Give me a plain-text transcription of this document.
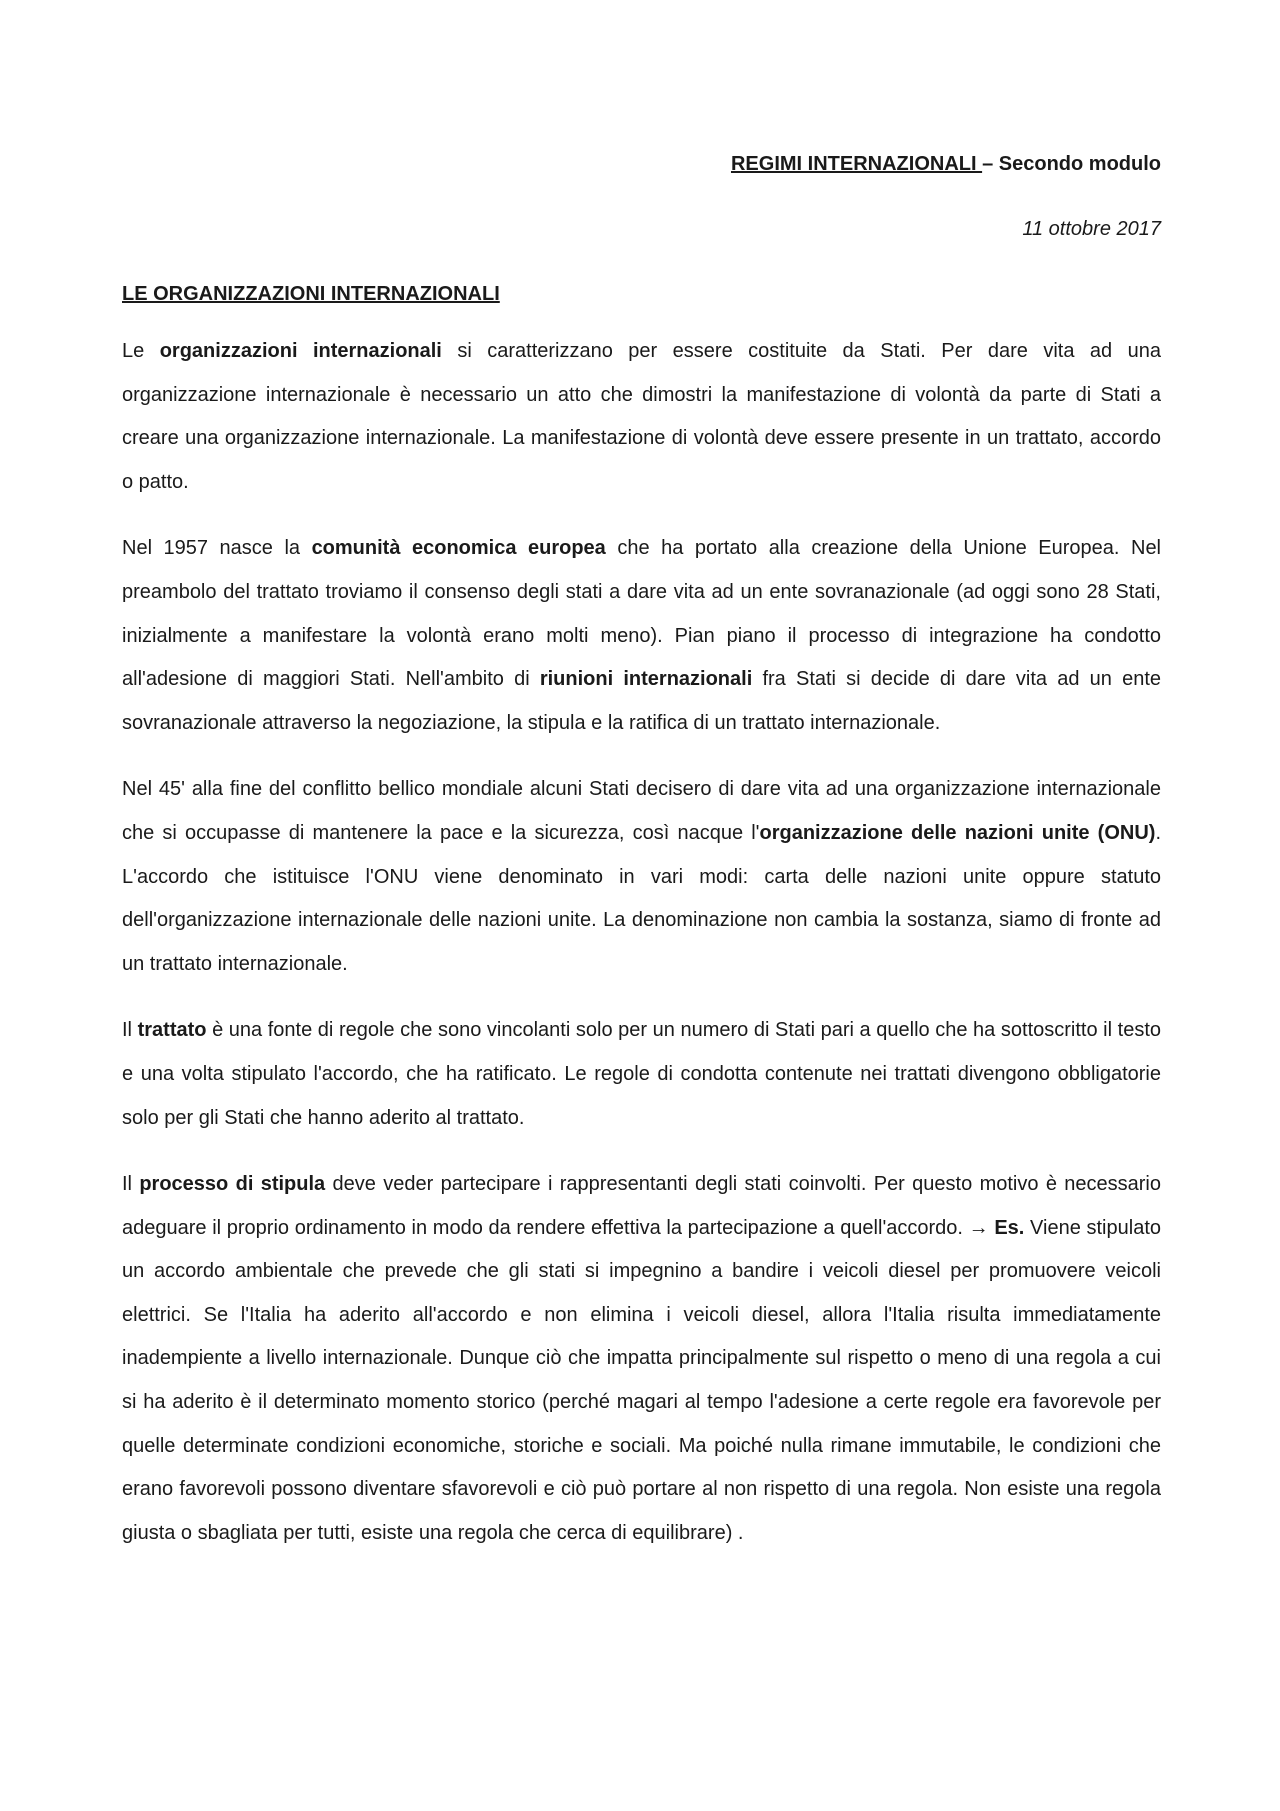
REGIMI INTERNAZIONALI – Secondo modulo

11 ottobre 2017

LE ORGANIZZAZIONI INTERNAZIONALI

Le organizzazioni internazionali si caratterizzano per essere costituite da Stati. Per dare vita ad una organizzazione internazionale è necessario un atto che dimostri la manifestazione di volontà da parte di Stati a creare una organizzazione internazionale. La manifestazione di volontà deve essere presente in un trattato, accordo o patto.

Nel 1957 nasce la comunità economica europea che ha portato alla creazione della Unione Europea. Nel preambolo del trattato troviamo il consenso degli stati a dare vita ad un ente sovranazionale (ad oggi sono 28 Stati, inizialmente a manifestare la volontà erano molti meno). Pian piano il processo di integrazione ha condotto all'adesione di maggiori Stati. Nell'ambito di riunioni internazionali fra Stati si decide di dare vita ad un ente sovranazionale attraverso la negoziazione, la stipula e la ratifica di un trattato internazionale.

Nel 45' alla fine del conflitto bellico mondiale alcuni Stati decisero di dare vita ad una organizzazione internazionale che si occupasse di mantenere la pace e la sicurezza, così nacque l'organizzazione delle nazioni unite (ONU). L'accordo che istituisce l'ONU viene denominato in vari modi: carta delle nazioni unite oppure statuto dell'organizzazione internazionale delle nazioni unite. La denominazione non cambia la sostanza, siamo di fronte ad un trattato internazionale.

Il trattato è una fonte di regole che sono vincolanti solo per un numero di Stati pari a quello che ha sottoscritto il testo e una volta stipulato l'accordo, che ha ratificato. Le regole di condotta contenute nei trattati divengono obbligatorie solo per gli Stati che hanno aderito al trattato.

Il processo di stipula deve veder partecipare i rappresentanti degli stati coinvolti. Per questo motivo è necessario adeguare il proprio ordinamento in modo da rendere effettiva la partecipazione a quell'accordo. → Es. Viene stipulato un accordo ambientale che prevede che gli stati si impegnino a bandire i veicoli diesel per promuovere veicoli elettrici. Se l'Italia ha aderito all'accordo e non elimina i veicoli diesel, allora l'Italia risulta immediatamente inadempiente a livello internazionale. Dunque ciò che impatta principalmente sul rispetto o meno di una regola a cui si ha aderito è il determinato momento storico (perché magari al tempo l'adesione a certe regole era favorevole per quelle determinate condizioni economiche, storiche e sociali. Ma poiché nulla rimane immutabile, le condizioni che erano favorevoli possono diventare sfavorevoli e ciò può portare al non rispetto di una regola. Non esiste una regola giusta o sbagliata per tutti, esiste una regola che cerca di equilibrare) .
